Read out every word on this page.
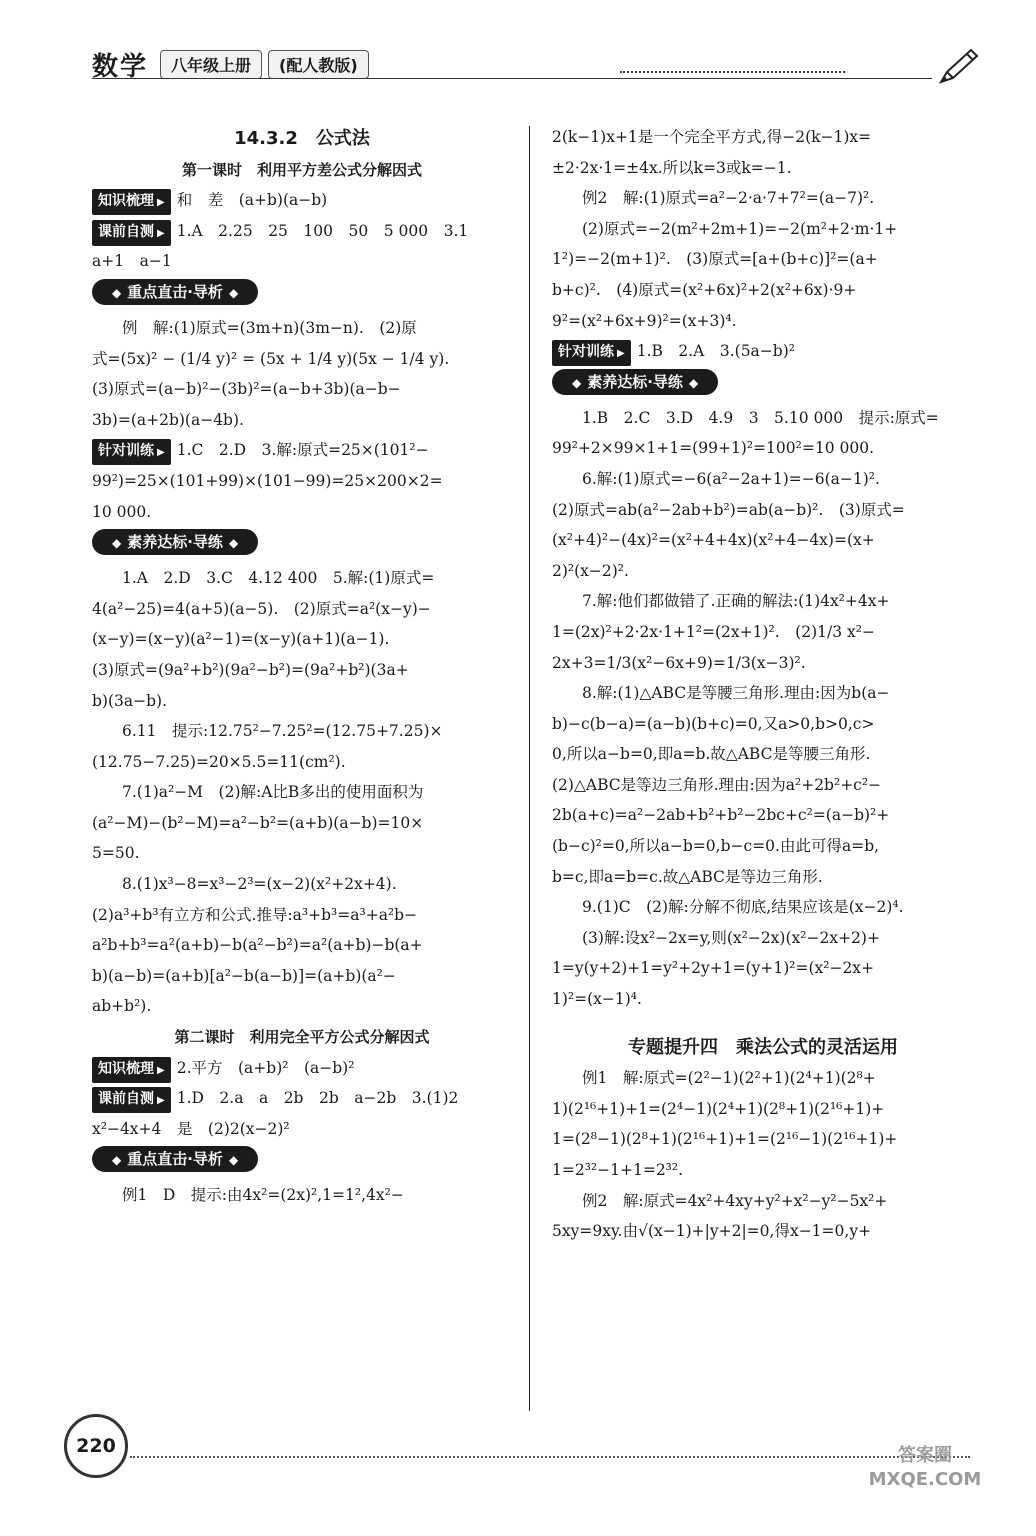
数学	八年级上册	(配人教版)
14.3.2　公式法
第一课时　利用平方差公式分解因式
知识梳理 ▶ 和　差　(a+b)(a−b)
课前自测 ▶ 1.A　2.25　25　100　50　5 000　3.1
a+1　a−1
◆ 重点直击·导析 ◆
例　解:(1)原式=(3m+n)(3m−n).　(2)原
式=(5x)² − (1/4 y)² = (5x + 1/4 y)(5x − 1/4 y).
(3)原式=(a−b)²−(3b)²=(a−b+3b)(a−b−
3b)=(a+2b)(a−4b).
针对训练 ▶ 1.C　2.D　3.解:原式=25×(101²−
99²)=25×(101+99)×(101−99)=25×200×2=
10 000.
◆ 素养达标·导练 ◆
1.A　2.D　3.C　4.12 400　5.解:(1)原式=
4(a²−25)=4(a+5)(a−5).　(2)原式=a²(x−y)−
(x−y)=(x−y)(a²−1)=(x−y)(a+1)(a−1).
(3)原式=(9a²+b²)(9a²−b²)=(9a²+b²)(3a+
b)(3a−b).
6.11　提示:12.75²−7.25²=(12.75+7.25)×
(12.75−7.25)=20×5.5=11(cm²).
7.(1)a²−M　(2)解:A比B多出的使用面积为
(a²−M)−(b²−M)=a²−b²=(a+b)(a−b)=10×
5=50.
8.(1)x³−8=x³−2³=(x−2)(x²+2x+4).
(2)a³+b³有立方和公式.推导:a³+b³=a³+a²b−
a²b+b³=a²(a+b)−b(a²−b²)=a²(a+b)−b(a+
b)(a−b)=(a+b)[a²−b(a−b)]=(a+b)(a²−
ab+b²).
第二课时　利用完全平方公式分解因式
知识梳理 ▶ 2.平方　(a+b)²　(a−b)²
课前自测 ▶ 1.D　2.a　a　2b　2b　a−2b　3.(1)2
x²−4x+4　是　(2)2(x−2)²
◆ 重点直击·导析 ◆
例1　D　提示:由4x²=(2x)²,1=1²,4x²−
2(k−1)x+1是一个完全平方式,得−2(k−1)x=
±2·2x·1=±4x.所以k=3或k=−1.
例2　解:(1)原式=a²−2·a·7+7²=(a−7)².
(2)原式=−2(m²+2m+1)=−2(m²+2·m·1+
1²)=−2(m+1)².　(3)原式=[a+(b+c)]²=(a+
b+c)².　(4)原式=(x²+6x)²+2(x²+6x)·9+
9²=(x²+6x+9)²=(x+3)⁴.
针对训练 ▶ 1.B　2.A　3.(5a−b)²
◆ 素养达标·导练 ◆
1.B　2.C　3.D　4.9　3　5.10 000　提示:原式=
99²+2×99×1+1=(99+1)²=100²=10 000.
6.解:(1)原式=−6(a²−2a+1)=−6(a−1)².
(2)原式=ab(a²−2ab+b²)=ab(a−b)².　(3)原式=
(x²+4)²−(4x)²=(x²+4+4x)(x²+4−4x)=(x+
2)²(x−2)².
7.解:他们都做错了.正确的解法:(1)4x²+4x+
1=(2x)²+2·2x·1+1²=(2x+1)².　(2)1/3 x²−
2x+3=1/3(x²−6x+9)=1/3(x−3)².
8.解:(1)△ABC是等腰三角形.理由:因为b(a−
b)−c(b−a)=(a−b)(b+c)=0,又a>0,b>0,c>
0,所以a−b=0,即a=b.故△ABC是等腰三角形.
(2)△ABC是等边三角形.理由:因为a²+2b²+c²−
2b(a+c)=a²−2ab+b²+b²−2bc+c²=(a−b)²+
(b−c)²=0,所以a−b=0,b−c=0.由此可得a=b,
b=c,即a=b=c.故△ABC是等边三角形.
9.(1)C　(2)解:分解不彻底,结果应该是(x−2)⁴.
(3)解:设x²−2x=y,则(x²−2x)(x²−2x+2)+
1=y(y+2)+1=y²+2y+1=(y+1)²=(x²−2x+
1)²=(x−1)⁴.
专题提升四　乘法公式的灵活运用
例1　解:原式=(2²−1)(2²+1)(2⁴+1)(2⁸+
1)(2¹⁶+1)+1=(2⁴−1)(2⁴+1)(2⁸+1)(2¹⁶+1)+
1=(2⁸−1)(2⁸+1)(2¹⁶+1)+1=(2¹⁶−1)(2¹⁶+1)+
1=2³²−1+1=2³².
例2　解:原式=4x²+4xy+y²+x²−y²−5x²+
5xy=9xy.由√(x−1)+|y+2|=0,得x−1=0,y+
220	答案圈 MXQE.COM
